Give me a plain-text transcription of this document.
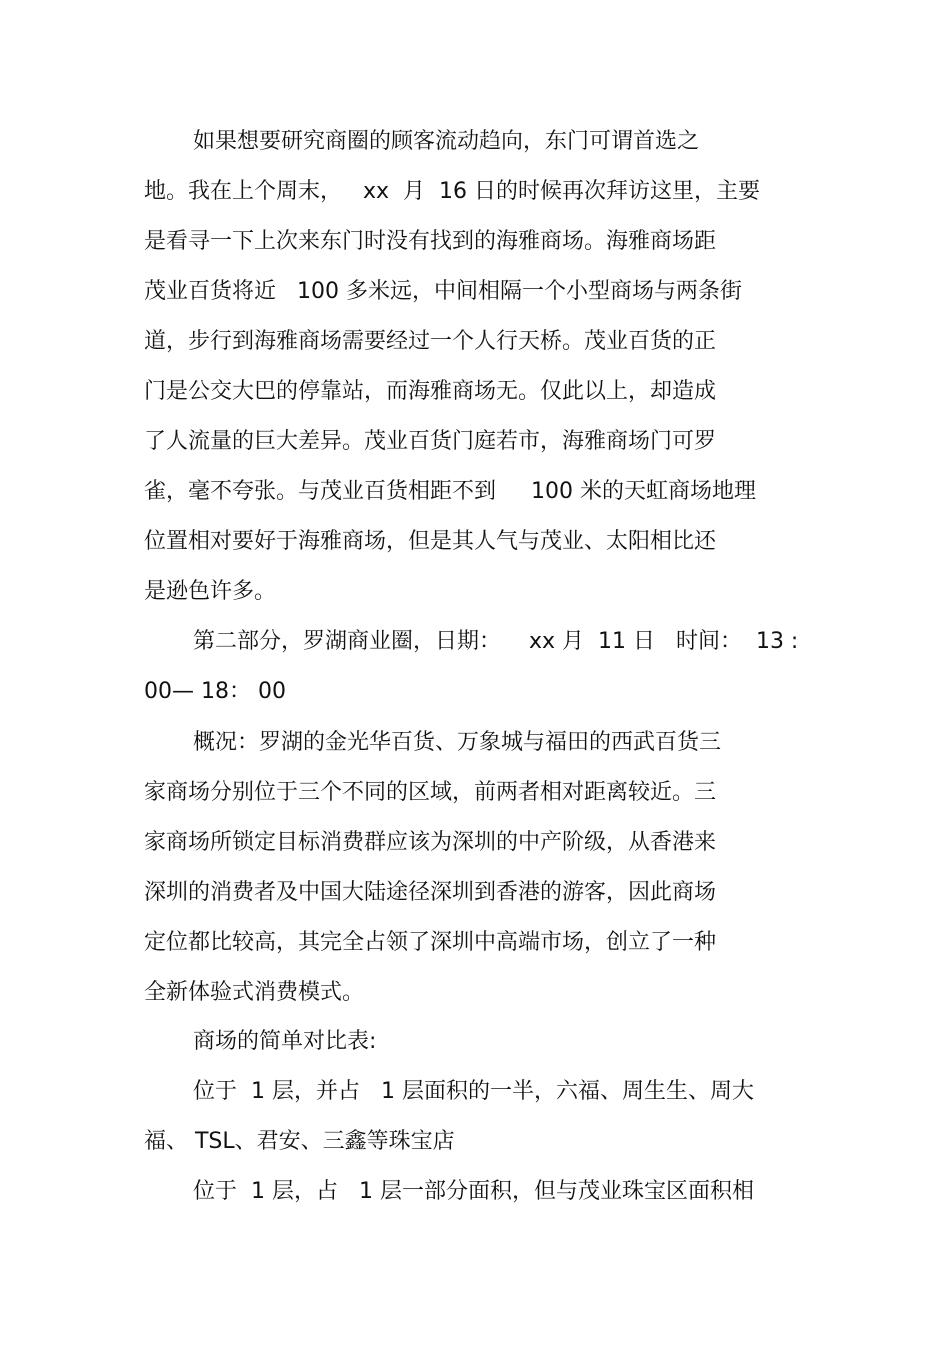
如果想要研究商圈的顾客流动趋向，东门可谓首选之
地。我在上个周末，   xx  月  16 日的时候再次拜访这里，主要
是看寻一下上次来东门时没有找到的海雅商场。海雅商场距
茂业百货将近   100 多米远，中间相隔一个小型商场与两条街
道，步行到海雅商场需要经过一个人行天桥。茂业百货的正
门是公交大巴的停靠站，而海雅商场无。仅此以上，却造成
了人流量的巨大差异。茂业百货门庭若市，海雅商场门可罗
雀，毫不夸张。与茂业百货相距不到     100 米的天虹商场地理
位置相对要好于海雅商场，但是其人气与茂业、太阳相比还
是逊色许多。
第二部分，罗湖商业圈，日期：    xx 月  11 日   时间：  13 :
00— 18： 00
概况：罗湖的金光华百货、万象城与福田的西武百货三
家商场分别位于三个不同的区域，前两者相对距离较近。三
家商场所锁定目标消费群应该为深圳的中产阶级，从香港来
深圳的消费者及中国大陆途径深圳到香港的游客，因此商场
定位都比较高，其完全占领了深圳中高端市场，创立了一种
全新体验式消费模式。
商场的简单对比表:
位于  1 层，并占   1 层面积的一半，六福、周生生、周大
福、 TSL、君安、三鑫等珠宝店
位于  1 层，占   1 层一部分面积，但与茂业珠宝区面积相
